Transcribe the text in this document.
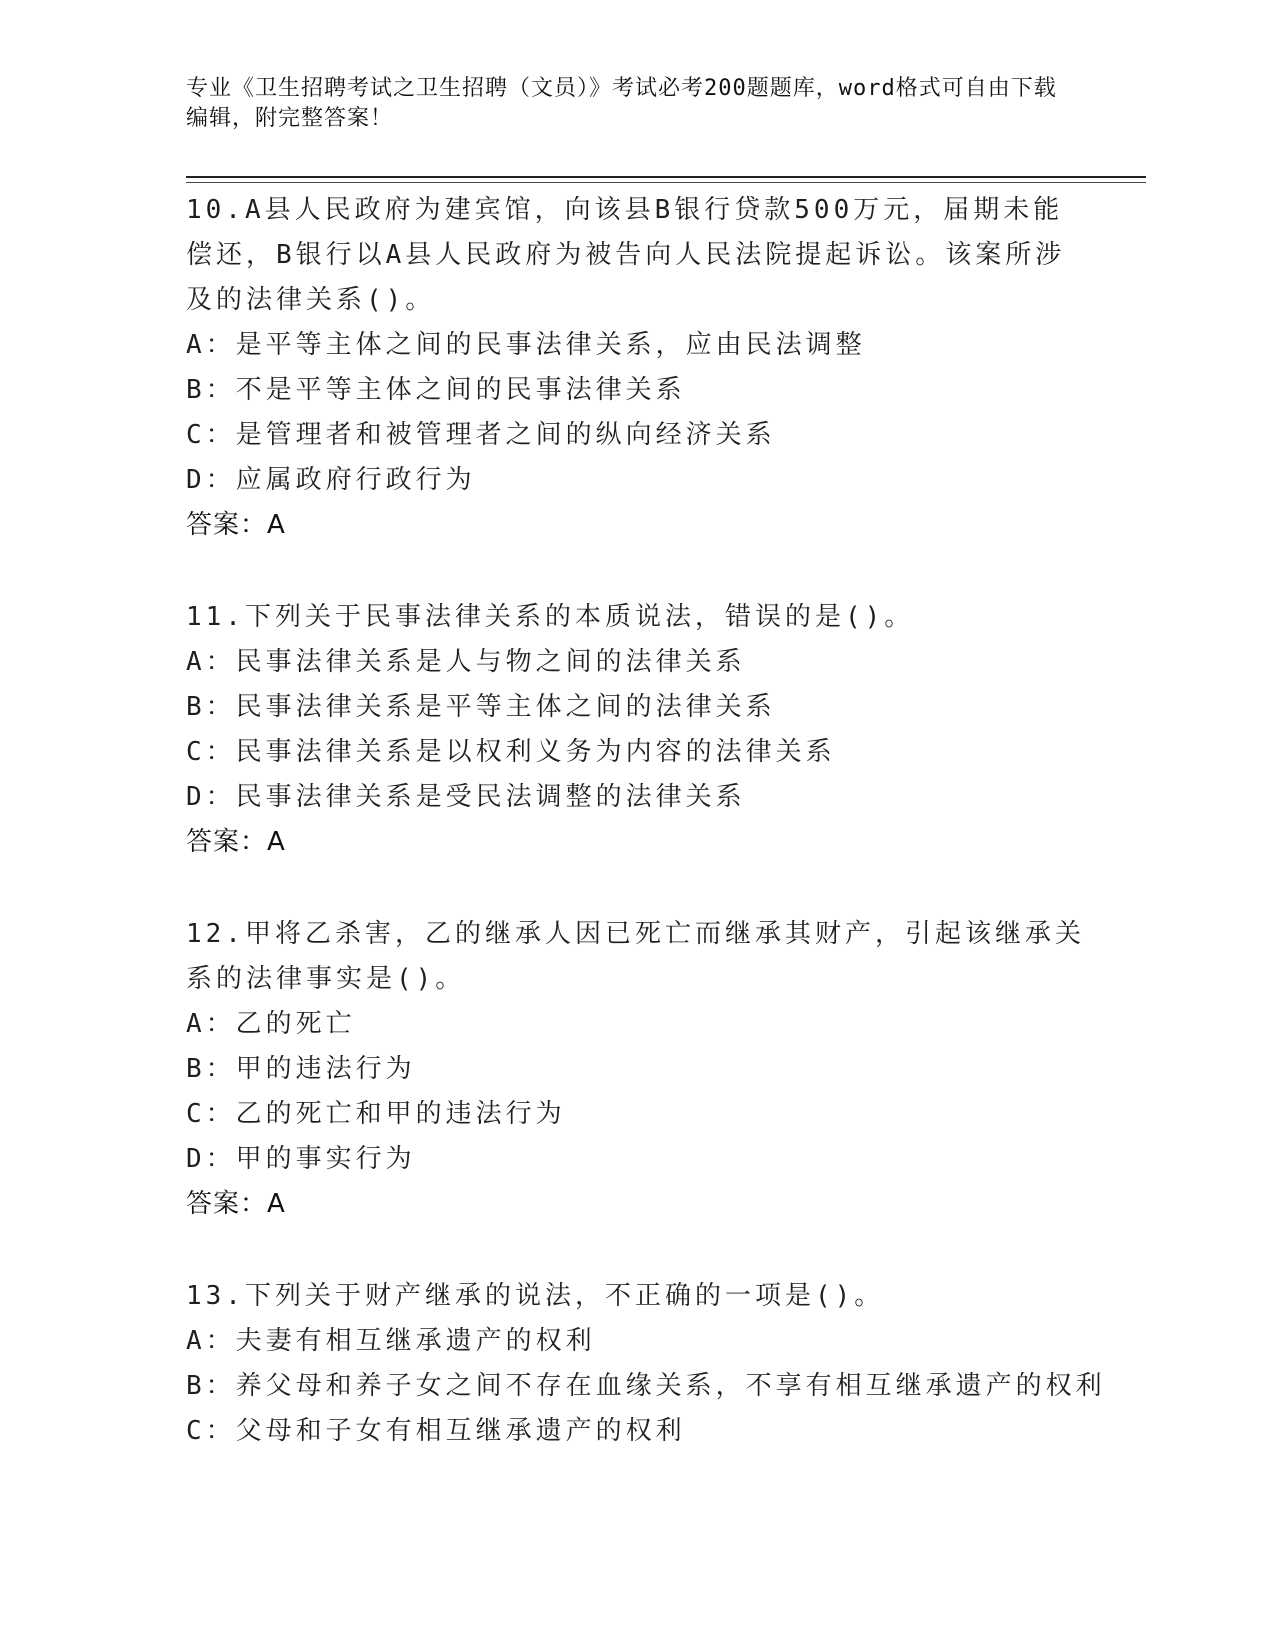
专业《卫生招聘考试之卫生招聘（文员）》考试必考200题题库，word格式可自由下载编辑，附完整答案！

10.A县人民政府为建宾馆，向该县B银行贷款500万元，届期未能偿还，B银行以A县人民政府为被告向人民法院提起诉讼。该案所涉及的法律关系()。

A：是平等主体之间的民事法律关系，应由民法调整

B：不是平等主体之间的民事法律关系

C：是管理者和被管理者之间的纵向经济关系

D：应属政府行政行为

答案：A

11.下列关于民事法律关系的本质说法，错误的是()。

A：民事法律关系是人与物之间的法律关系

B：民事法律关系是平等主体之间的法律关系

C：民事法律关系是以权利义务为内容的法律关系

D：民事法律关系是受民法调整的法律关系

答案：A

12.甲将乙杀害，乙的继承人因已死亡而继承其财产，引起该继承关系的法律事实是()。

A：乙的死亡

B：甲的违法行为

C：乙的死亡和甲的违法行为

D：甲的事实行为

答案：A

13.下列关于财产继承的说法，不正确的一项是()。

A：夫妻有相互继承遗产的权利

B：养父母和养子女之间不存在血缘关系，不享有相互继承遗产的权利

C：父母和子女有相互继承遗产的权利
